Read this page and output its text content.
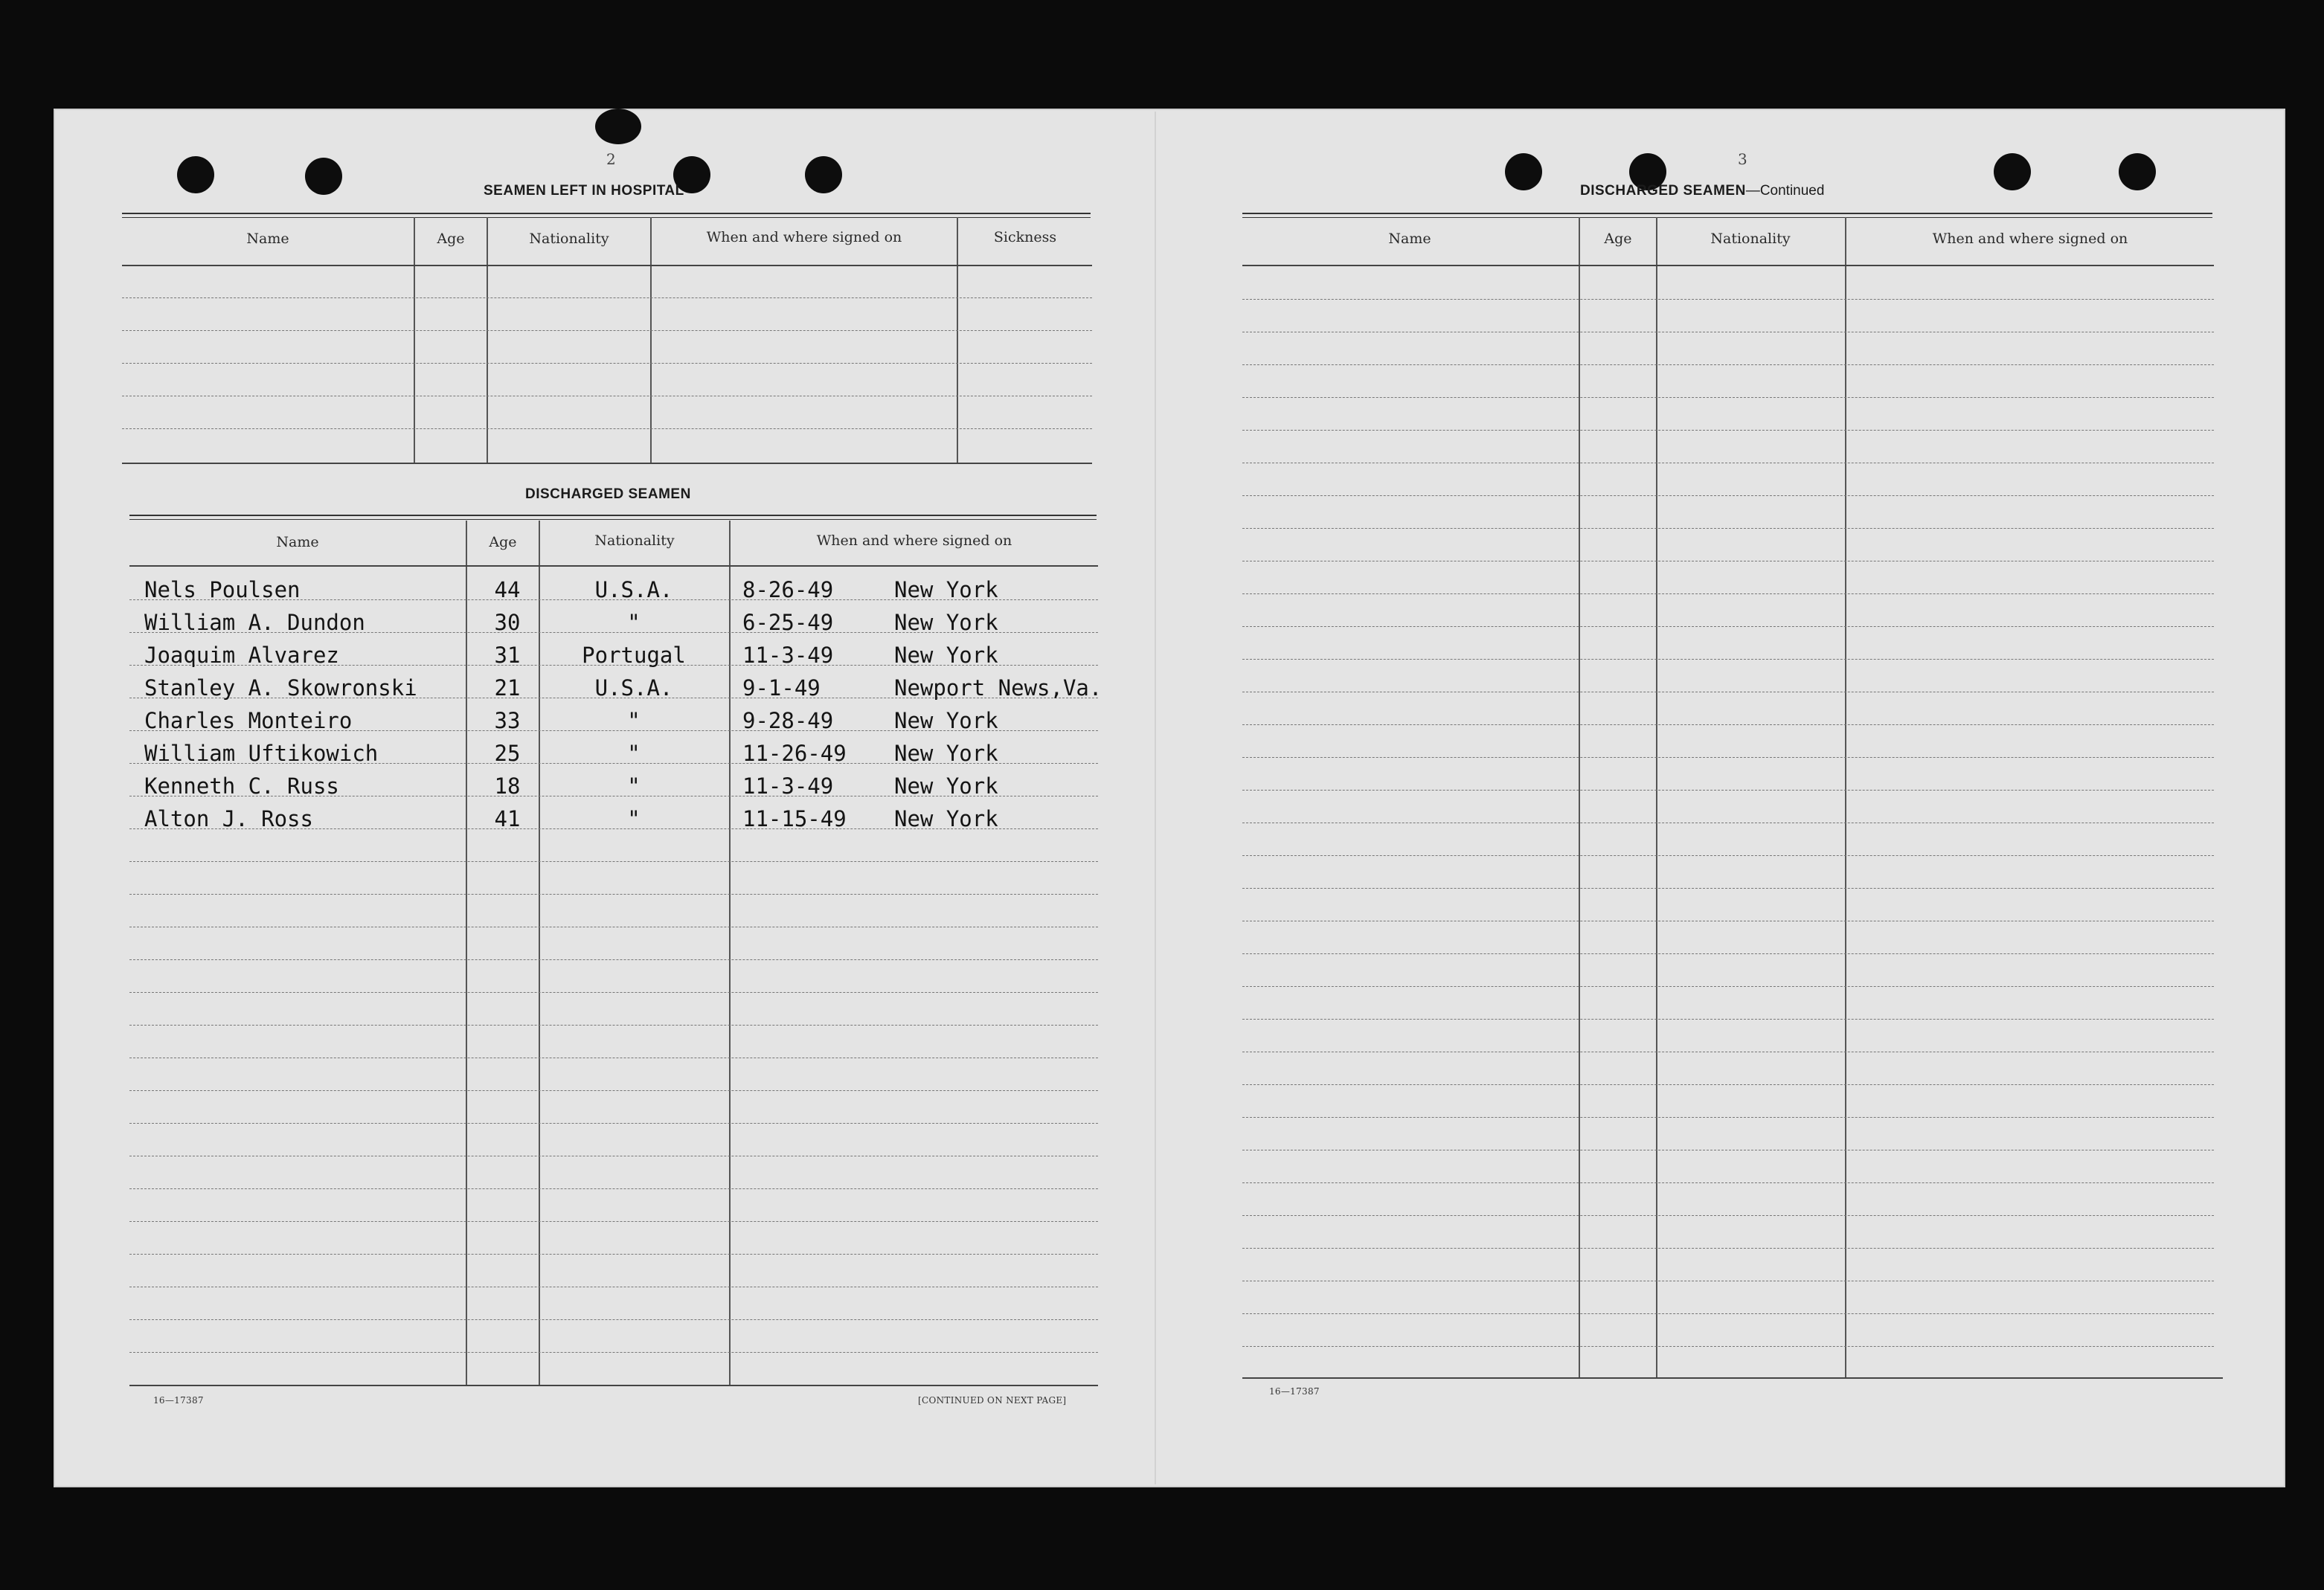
2
SEAMEN LEFT IN HOSPITAL
Name	Age	Nationality	When and where signed on	Sickness
DISCHARGED SEAMEN
Name	Age	Nationality	When and where signed on
Nels Poulsen	44	U.S.A.	8-26-49	New York
William A. Dundon	30	"	6-25-49	New York
Joaquim Alvarez	31	Portugal	11-3-49	New York
Stanley A. Skowronski	21	U.S.A.	9-1-49	Newport News,Va.
Charles Monteiro	33	"	9-28-49	New York
William Uftikowich	25	"	11-26-49 New York
Kenneth C. Russ	18	"	11-3-49	New York
Alton J. Ross	41	"	11-15-49 New York
16—17387	[CONTINUED ON NEXT PAGE]
3
DISCHARGED SEAMEN—Continued
Name	Age	Nationality	When and where signed on
16—17387
